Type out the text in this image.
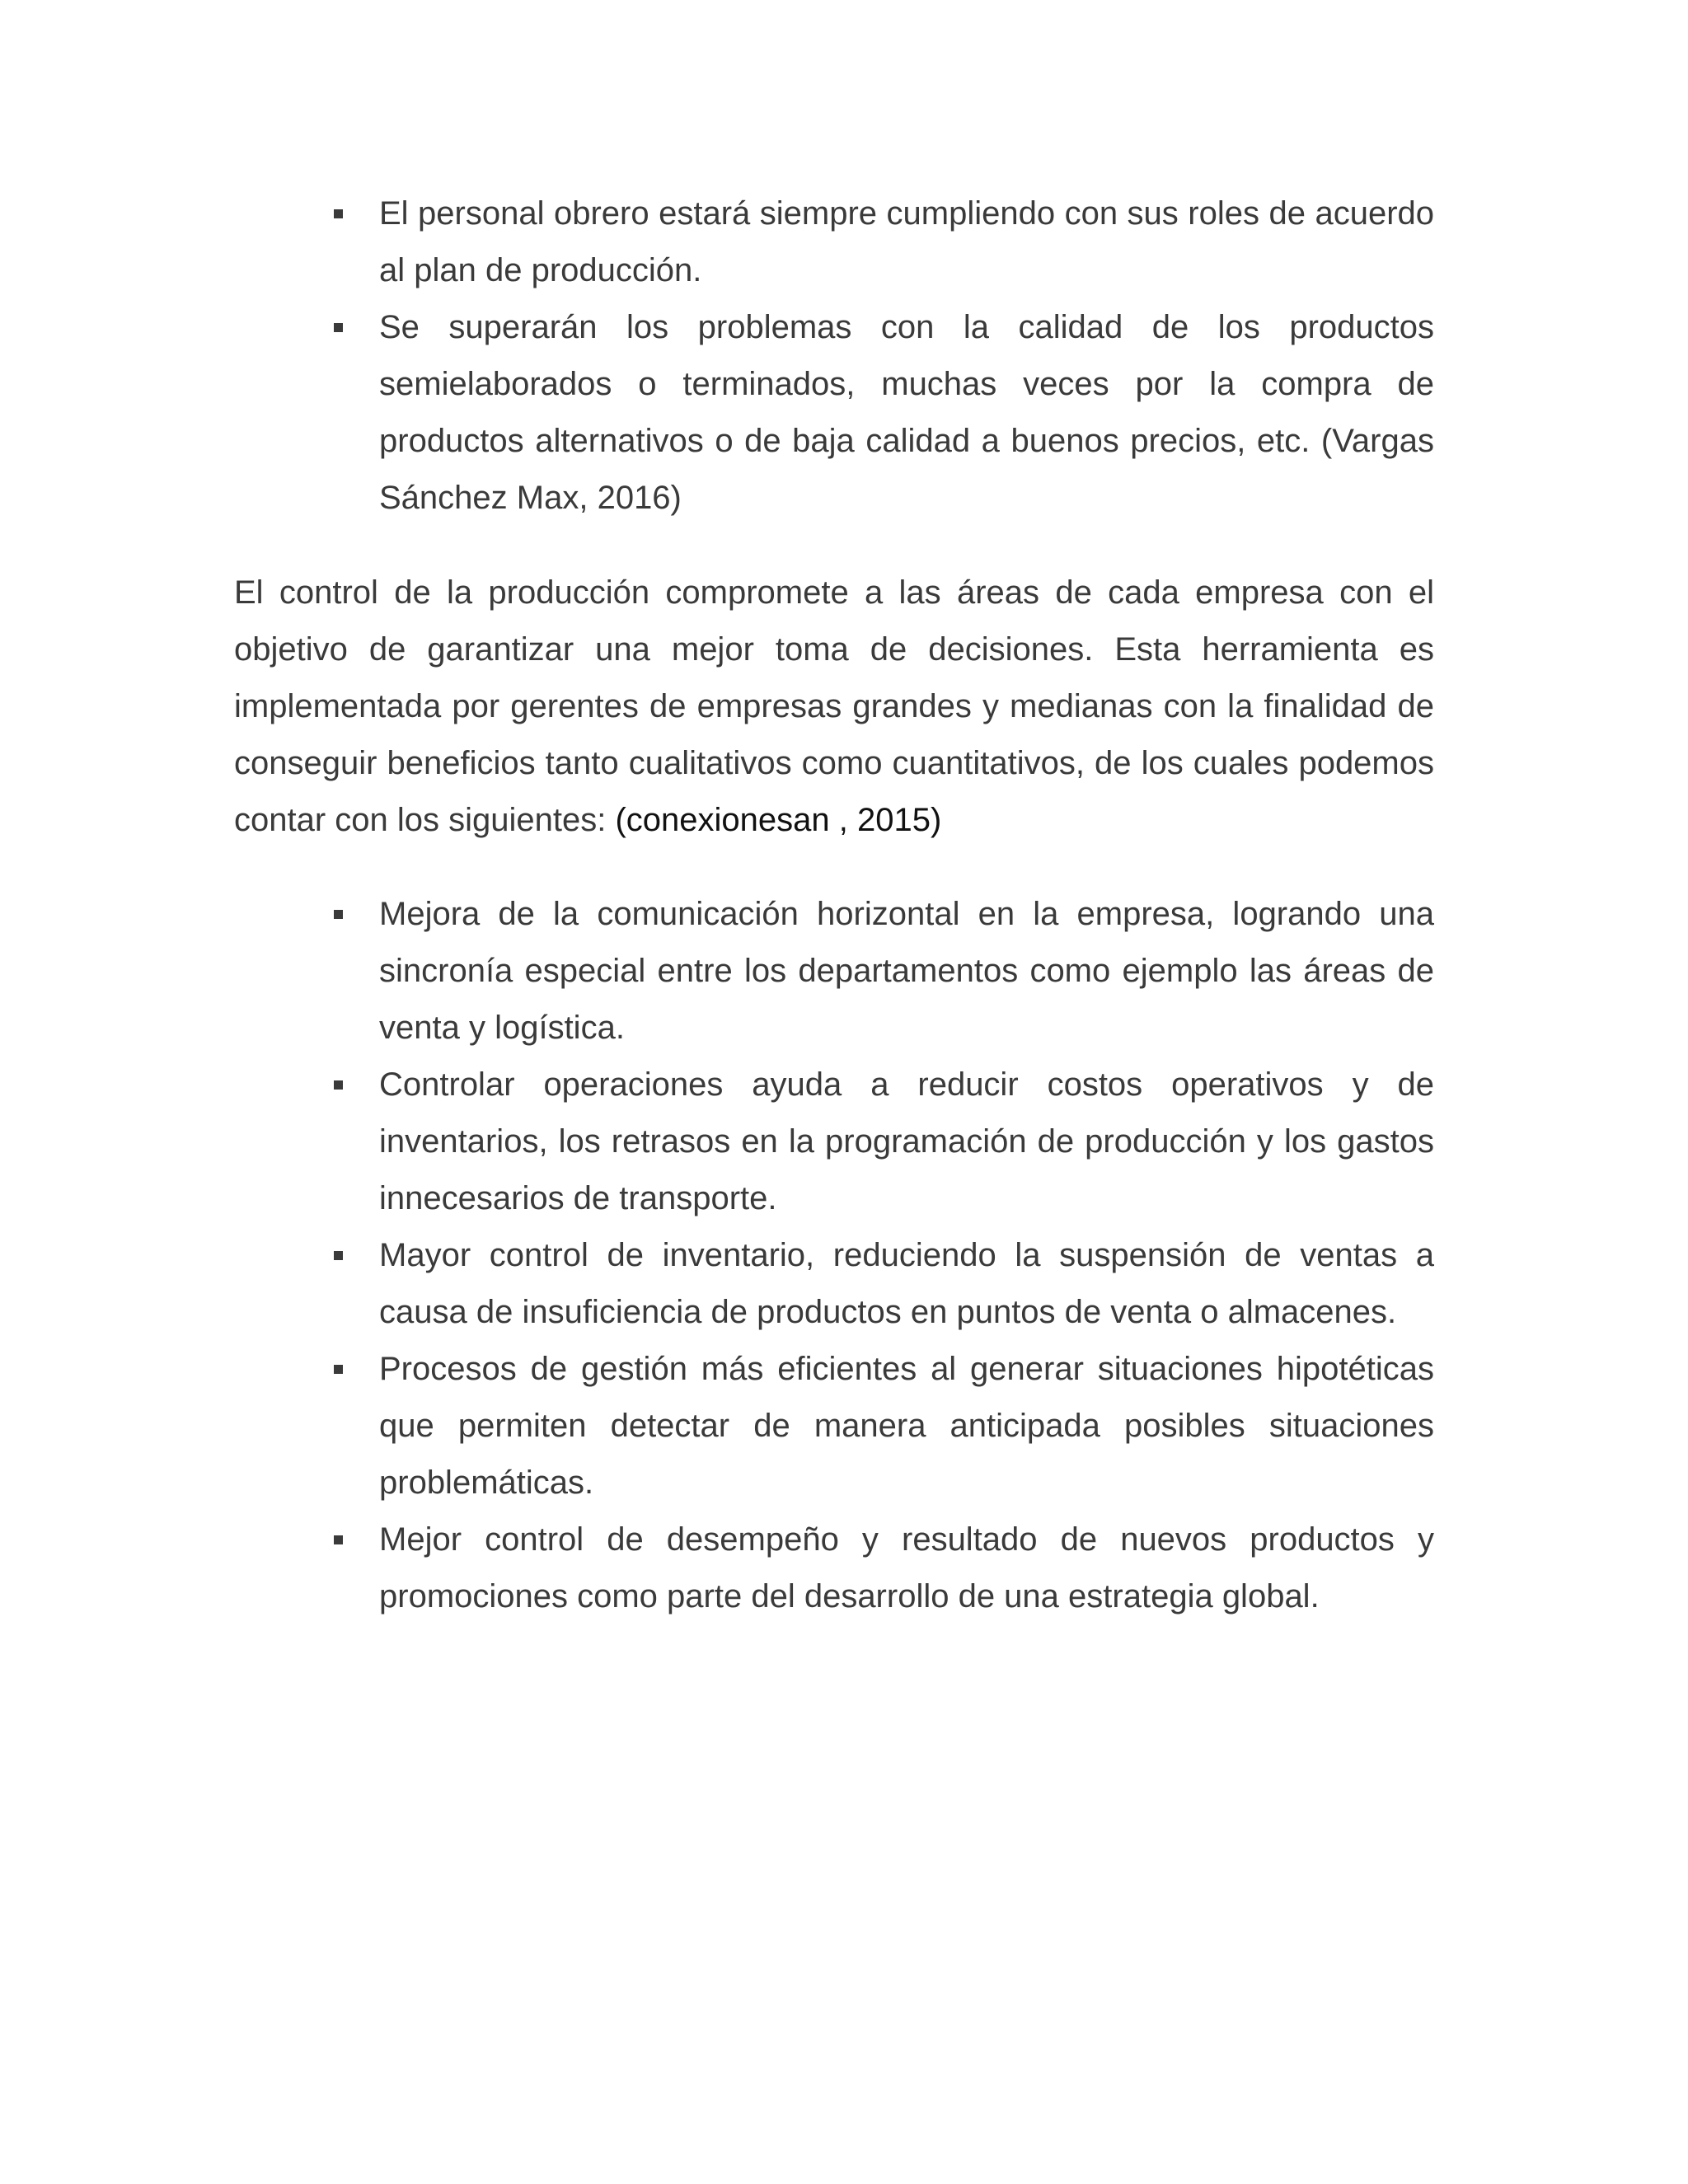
El personal obrero estará siempre cumpliendo con sus roles de acuerdo al plan de producción.
Se superarán los problemas con la calidad de los productos semielaborados o terminados, muchas veces por la compra de productos alternativos o de baja calidad a buenos precios, etc. (Vargas Sánchez Max, 2016)

El control de la producción compromete a las áreas de cada empresa con el objetivo de garantizar una mejor toma de decisiones. Esta herramienta es implementada por gerentes de empresas grandes y medianas con la finalidad de conseguir beneficios tanto cualitativos como cuantitativos, de los cuales podemos contar con los siguientes: (conexionesan , 2015)

Mejora de la comunicación horizontal en la empresa, logrando una sincronía especial entre los departamentos como ejemplo las áreas de venta y logística.
Controlar operaciones ayuda a reducir costos operativos y de inventarios, los retrasos en la programación de producción y los gastos innecesarios de transporte.
Mayor control de inventario, reduciendo la suspensión de ventas a causa de insuficiencia de productos en puntos de venta o almacenes.
Procesos de gestión más eficientes al generar situaciones hipotéticas que permiten detectar de manera anticipada posibles situaciones problemáticas.
Mejor control de desempeño y resultado de nuevos productos y promociones como parte del desarrollo de una estrategia global.
